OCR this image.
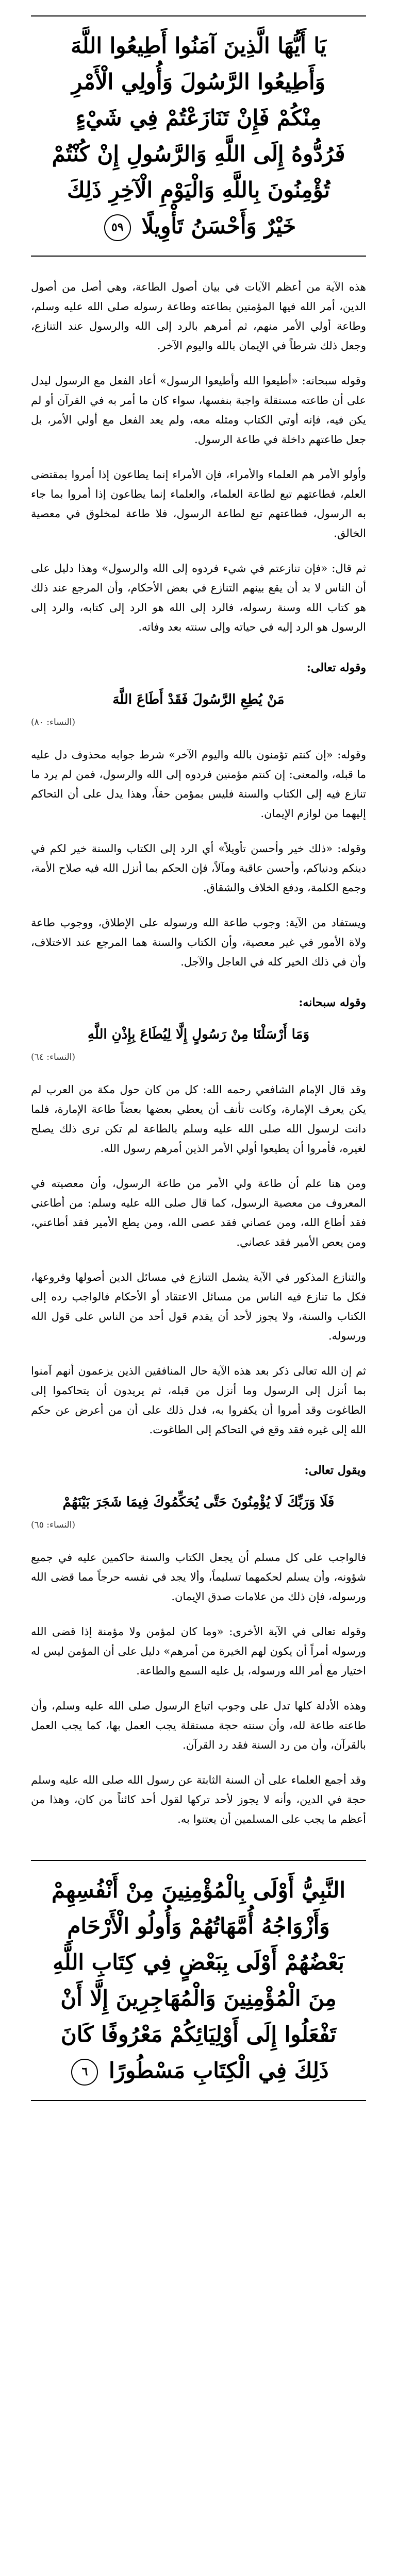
يَا أَيُّهَا الَّذِينَ آمَنُوا أَطِيعُوا اللَّهَ وَأَطِيعُوا الرَّسُولَ وَأُولِي الْأَمْرِ مِنْكُمْ فَإِنْ تَنَازَعْتُمْ فِي شَيْءٍ فَرُدُّوهُ إِلَى اللَّهِ وَالرَّسُولِ إِنْ كُنْتُمْ تُؤْمِنُونَ بِاللَّهِ وَالْيَوْمِ الْآخِرِ ذَلِكَ خَيْرٌ وَأَحْسَنُ تَأْوِيلًا ٥٩

هذه الآية من أعظم الآيات في بيان أصول الطاعة، وهي أصل من أصول الدين، أمر الله فيها المؤمنين بطاعته وطاعة رسوله صلى الله عليه وسلم، وطاعة أولي الأمر منهم، ثم أمرهم بالرد إلى الله والرسول عند التنازع، وجعل ذلك شرطاً في الإيمان بالله واليوم الآخر.

وقوله سبحانه: «أطيعوا الله وأطيعوا الرسول» أعاد الفعل مع الرسول ليدل على أن طاعته مستقلة واجبة بنفسها، سواء كان ما أمر به في القرآن أو لم يكن فيه، فإنه أوتي الكتاب ومثله معه، ولم يعد الفعل مع أولي الأمر، بل جعل طاعتهم داخلة في طاعة الرسول.

وأولو الأمر هم العلماء والأمراء، فإن الأمراء إنما يطاعون إذا أمروا بمقتضى العلم، فطاعتهم تبع لطاعة العلماء، والعلماء إنما يطاعون إذا أمروا بما جاء به الرسول، فطاعتهم تبع لطاعة الرسول، فلا طاعة لمخلوق في معصية الخالق.

ثم قال: «فإن تنازعتم في شيء فردوه إلى الله والرسول» وهذا دليل على أن الناس لا بد أن يقع بينهم التنازع في بعض الأحكام، وأن المرجع عند ذلك هو كتاب الله وسنة رسوله، فالرد إلى الله هو الرد إلى كتابه، والرد إلى الرسول هو الرد إليه في حياته وإلى سنته بعد وفاته.

وقوله تعالى:
مَنْ يُطِعِ الرَّسُولَ فَقَدْ أَطَاعَ اللَّهَ
(النساء: ٨٠)

وقوله: «إن كنتم تؤمنون بالله واليوم الآخر» شرط جوابه محذوف دل عليه ما قبله، والمعنى: إن كنتم مؤمنين فردوه إلى الله والرسول، فمن لم يرد ما تنازع فيه إلى الكتاب والسنة فليس بمؤمن حقاً، وهذا يدل على أن التحاكم إليهما من لوازم الإيمان.

وقوله: «ذلك خير وأحسن تأويلاً» أي الرد إلى الكتاب والسنة خير لكم في دينكم ودنياكم، وأحسن عاقبة ومآلاً، فإن الحكم بما أنزل الله فيه صلاح الأمة، وجمع الكلمة، ودفع الخلاف والشقاق.

ويستفاد من الآية: وجوب طاعة الله ورسوله على الإطلاق، ووجوب طاعة ولاة الأمور في غير معصية، وأن الكتاب والسنة هما المرجع عند الاختلاف، وأن في ذلك الخير كله في العاجل والآجل.

وقوله سبحانه:
وَمَا أَرْسَلْنَا مِنْ رَسُولٍ إِلَّا لِيُطَاعَ بِإِذْنِ اللَّهِ
(النساء: ٦٤)

وقد قال الإمام الشافعي رحمه الله: كل من كان حول مكة من العرب لم يكن يعرف الإمارة، وكانت تأنف أن يعطي بعضها بعضاً طاعة الإمارة، فلما دانت لرسول الله صلى الله عليه وسلم بالطاعة لم تكن ترى ذلك يصلح لغيره، فأمروا أن يطيعوا أولي الأمر الذين أمرهم رسول الله.

ومن هنا علم أن طاعة ولي الأمر من طاعة الرسول، وأن معصيته في المعروف من معصية الرسول، كما قال صلى الله عليه وسلم: من أطاعني فقد أطاع الله، ومن عصاني فقد عصى الله، ومن يطع الأمير فقد أطاعني، ومن يعص الأمير فقد عصاني.

والتنازع المذكور في الآية يشمل التنازع في مسائل الدين أصولها وفروعها، فكل ما تنازع فيه الناس من مسائل الاعتقاد أو الأحكام فالواجب رده إلى الكتاب والسنة، ولا يجوز لأحد أن يقدم قول أحد من الناس على قول الله ورسوله.

ثم إن الله تعالى ذكر بعد هذه الآية حال المنافقين الذين يزعمون أنهم آمنوا بما أنزل إلى الرسول وما أنزل من قبله، ثم يريدون أن يتحاكموا إلى الطاغوت وقد أمروا أن يكفروا به، فدل ذلك على أن من أعرض عن حكم الله إلى غيره فقد وقع في التحاكم إلى الطاغوت.

ويقول تعالى:
فَلَا وَرَبِّكَ لَا يُؤْمِنُونَ حَتَّى يُحَكِّمُوكَ فِيمَا شَجَرَ بَيْنَهُمْ
(النساء: ٦٥)

فالواجب على كل مسلم أن يجعل الكتاب والسنة حاكمين عليه في جميع شؤونه، وأن يسلم لحكمهما تسليماً، وألا يجد في نفسه حرجاً مما قضى الله ورسوله، فإن ذلك من علامات صدق الإيمان.

وقوله تعالى في الآية الأخرى: «وما كان لمؤمن ولا مؤمنة إذا قضى الله ورسوله أمراً أن يكون لهم الخيرة من أمرهم» دليل على أن المؤمن ليس له اختيار مع أمر الله ورسوله، بل عليه السمع والطاعة.

وهذه الأدلة كلها تدل على وجوب اتباع الرسول صلى الله عليه وسلم، وأن طاعته طاعة لله، وأن سنته حجة مستقلة يجب العمل بها، كما يجب العمل بالقرآن، وأن من رد السنة فقد رد القرآن.

وقد أجمع العلماء على أن السنة الثابتة عن رسول الله صلى الله عليه وسلم حجة في الدين، وأنه لا يجوز لأحد تركها لقول أحد كائناً من كان، وهذا من أعظم ما يجب على المسلمين أن يعتنوا به.

النَّبِيُّ أَوْلَى بِالْمُؤْمِنِينَ مِنْ أَنْفُسِهِمْ وَأَزْوَاجُهُ أُمَّهَاتُهُمْ وَأُولُو الْأَرْحَامِ بَعْضُهُمْ أَوْلَى بِبَعْضٍ فِي كِتَابِ اللَّهِ مِنَ الْمُؤْمِنِينَ وَالْمُهَاجِرِينَ إِلَّا أَنْ تَفْعَلُوا إِلَى أَوْلِيَائِكُمْ مَعْرُوفًا كَانَ ذَلِكَ فِي الْكِتَابِ مَسْطُورًا ٦
